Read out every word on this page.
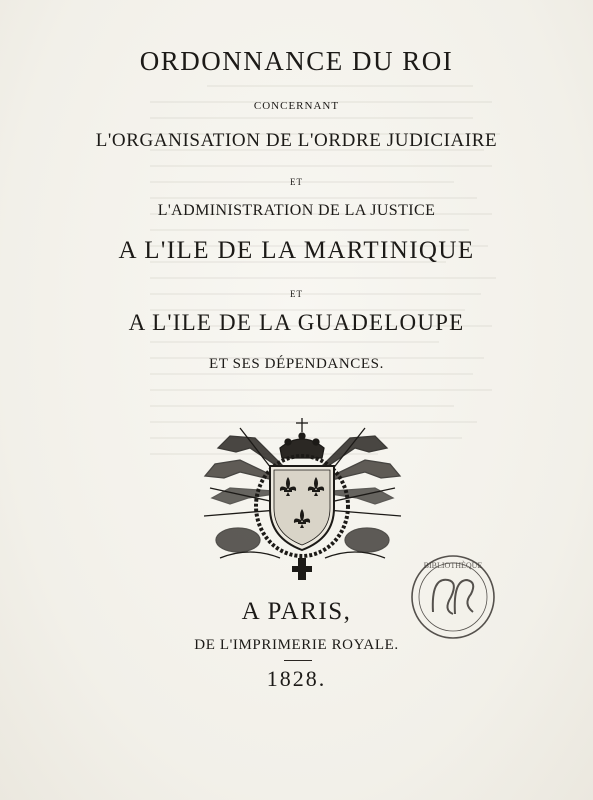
ORDONNANCE DU ROI
CONCERNANT
L'ORGANISATION DE L'ORDRE JUDICIAIRE
ET
L'ADMINISTRATION DE LA JUSTICE
A L'ILE DE LA MARTINIQUE
ET
A L'ILE DE LA GUADELOUPE
ET SES DÉPENDANCES.
BIBLIOTHÈQUE
A PARIS,
DE L'IMPRIMERIE ROYALE.
1828.
